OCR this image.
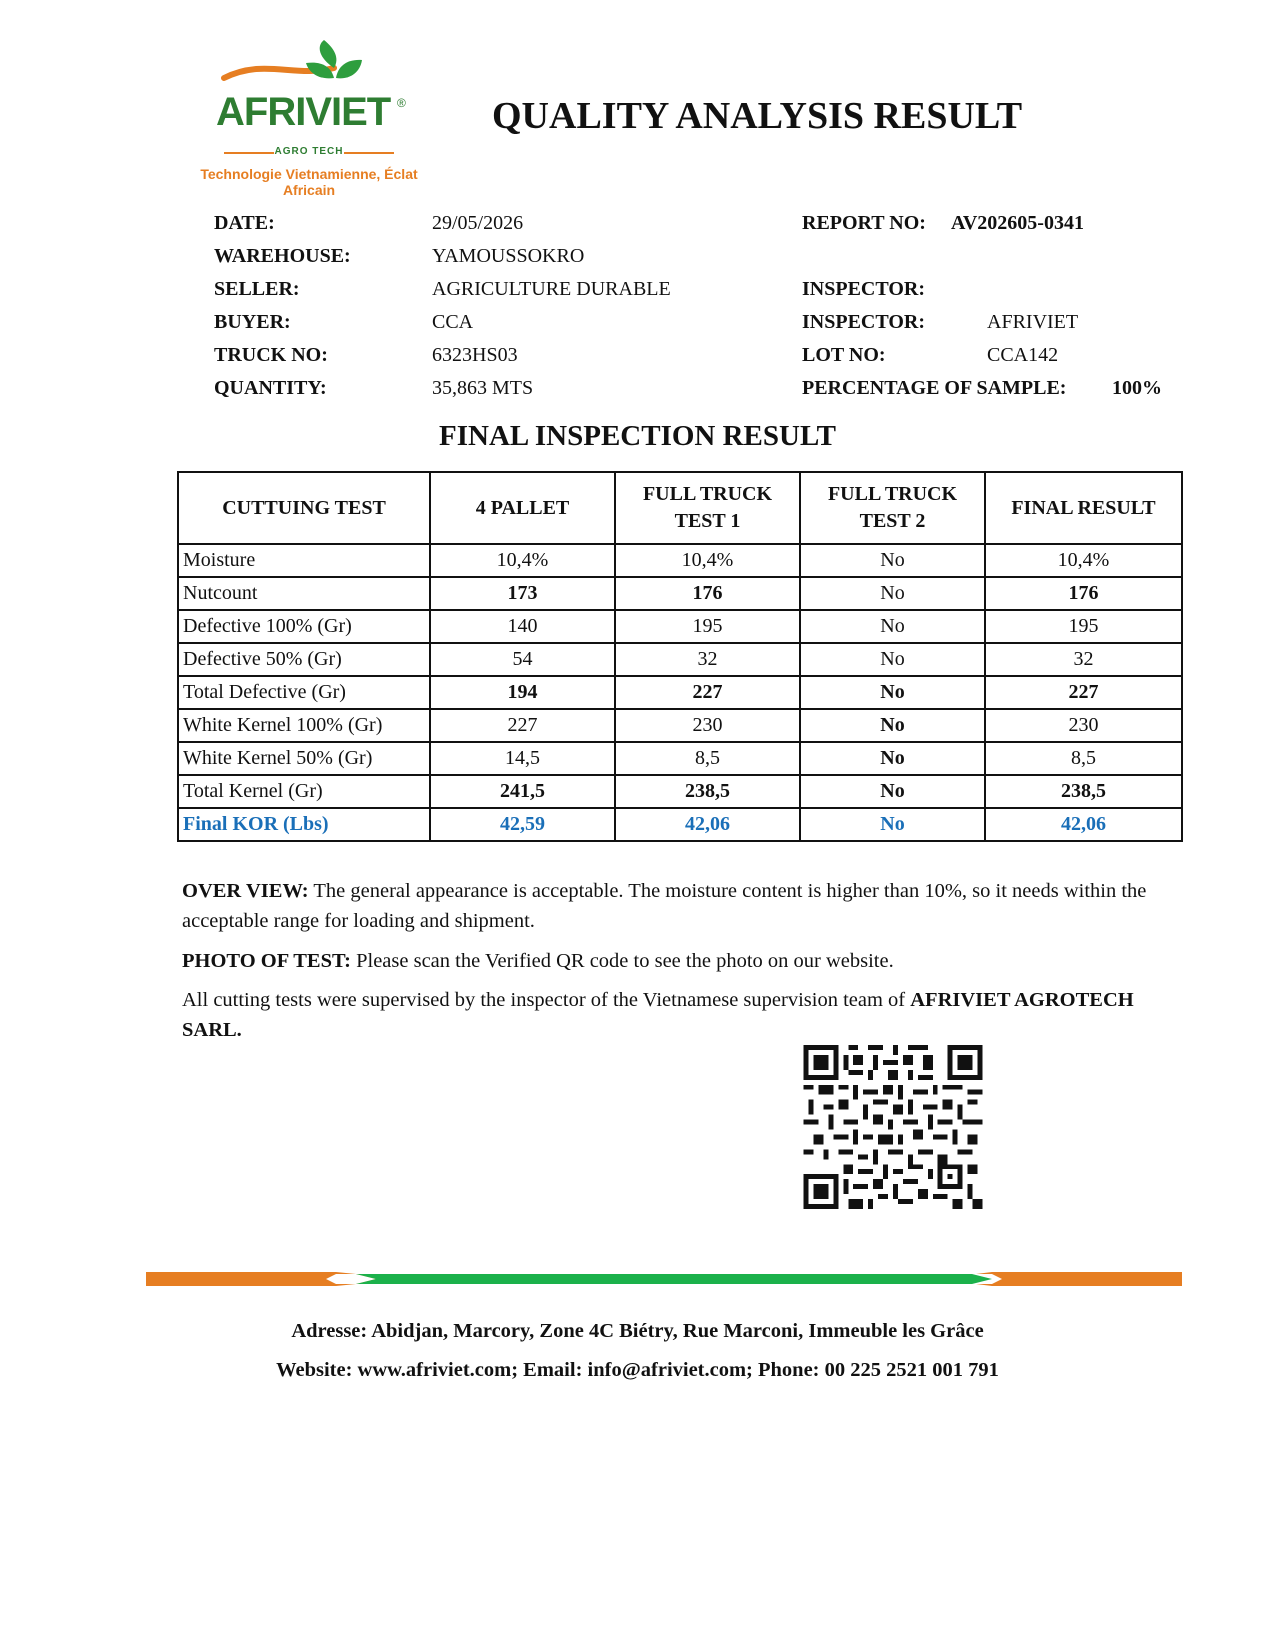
AFRIVIET ®
AGRO TECH
Technologie Vietnamienne, Éclat Africain
QUALITY ANALYSIS RESULT
DATE:	29/05/2026
WAREHOUSE:	YAMOUSSOKRO
SELLER:	AGRICULTURE DURABLE
BUYER:	CCA
TRUCK NO:	6323HS03
QUANTITY:	35,863 MTS
REPORT NO: AV202605-0341
INSPECTOR:
INSPECTOR:	AFRIVIET
LOT NO:	CCA142
PERCENTAGE OF SAMPLE: 100%
FINAL INSPECTION RESULT
CUTTUING TEST	4 PALLET	FULL TRUCK TEST 1	FULL TRUCK TEST 2	FINAL RESULT
Moisture	10,4%	10,4%	No	10,4%
Nutcount	173	176	No	176
Defective 100% (Gr)	140	195	No	195
Defective 50% (Gr)	54	32	No	32
Total Defective (Gr)	194	227	No	227
White Kernel 100% (Gr)	227	230	No	230
White Kernel 50% (Gr)	14,5	8,5	No	8,5
Total Kernel (Gr)	241,5	238,5	No	238,5
Final KOR (Lbs)	42,59	42,06	No	42,06
OVER VIEW: The general appearance is acceptable. The moisture content is higher than 10%, so it needs within the acceptable range for loading and shipment.
PHOTO OF TEST: Please scan the Verified QR code to see the photo on our website.
All cutting tests were supervised by the inspector of the Vietnamese supervision team of AFRIVIET AGROTECH SARL.
Adresse: Abidjan, Marcory, Zone 4C Biétry, Rue Marconi, Immeuble les Grâce
Website: www.afriviet.com; Email: info@afriviet.com; Phone: 00 225 2521 001 791
